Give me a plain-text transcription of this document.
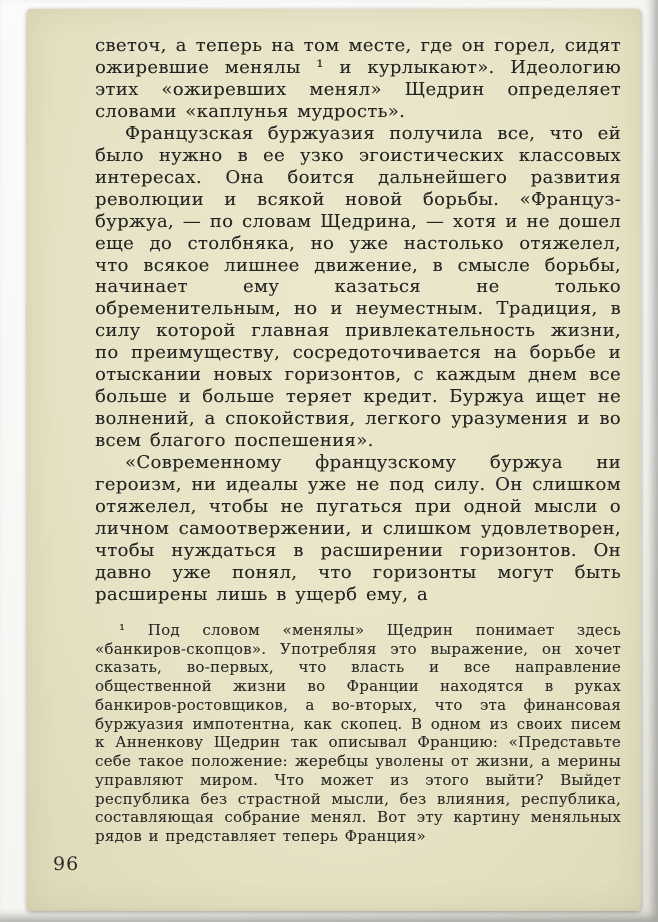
светоч, а теперь на том месте, где он горел, сидят ожиревшие менялы ¹ и курлыкают». Идеологию этих «ожиревших менял» Щедрин определяет словами «каплунья мудрость».

Французская буржуазия получила все, что ей было нужно в ее узко эгоистических классовых интересах. Она боится дальнейшего развития революции и всякой новой борьбы. «Француз-буржуа, — по словам Щедрина, — хотя и не дошел еще до столбняка, но уже настолько отяжелел, что всякое лишнее движение, в смысле борьбы, начинает ему казаться не только обременительным, но и неуместным. Традиция, в силу которой главная привлекательность жизни, по преимуществу, сосредоточивается на борьбе и отыскании новых горизонтов, с каждым днем все больше и больше теряет кредит. Буржуа ищет не волнений, а спокойствия, легкого уразумения и во всем благого поспешения».

«Современному французскому буржуа ни героизм, ни идеалы уже не под силу. Он слишком отяжелел, чтобы не пугаться при одной мысли о личном самоотвержении, и слишком удовлетворен, чтобы нуждаться в расширении горизонтов. Он давно уже понял, что горизонты могут быть расширены лишь в ущерб ему, а

¹ Под словом «менялы» Щедрин понимает здесь «банкиров-скопцов». Употребляя это выражение, он хочет сказать, во-первых, что власть и все направление общественной жизни во Франции находятся в руках банкиров-ростовщиков, а во-вторых, что эта финансовая буржуазия импотентна, как скопец. В одном из своих писем к Анненкову Щедрин так описывал Францию: «Представьте себе такое положение: жеребцы уволены от жизни, а мерины управляют миром. Что может из этого выйти? Выйдет республика без страстной мысли, без влияния, республика, составляющая собрание менял. Вот эту картину меняльных рядов и представляет теперь Франция»

96
